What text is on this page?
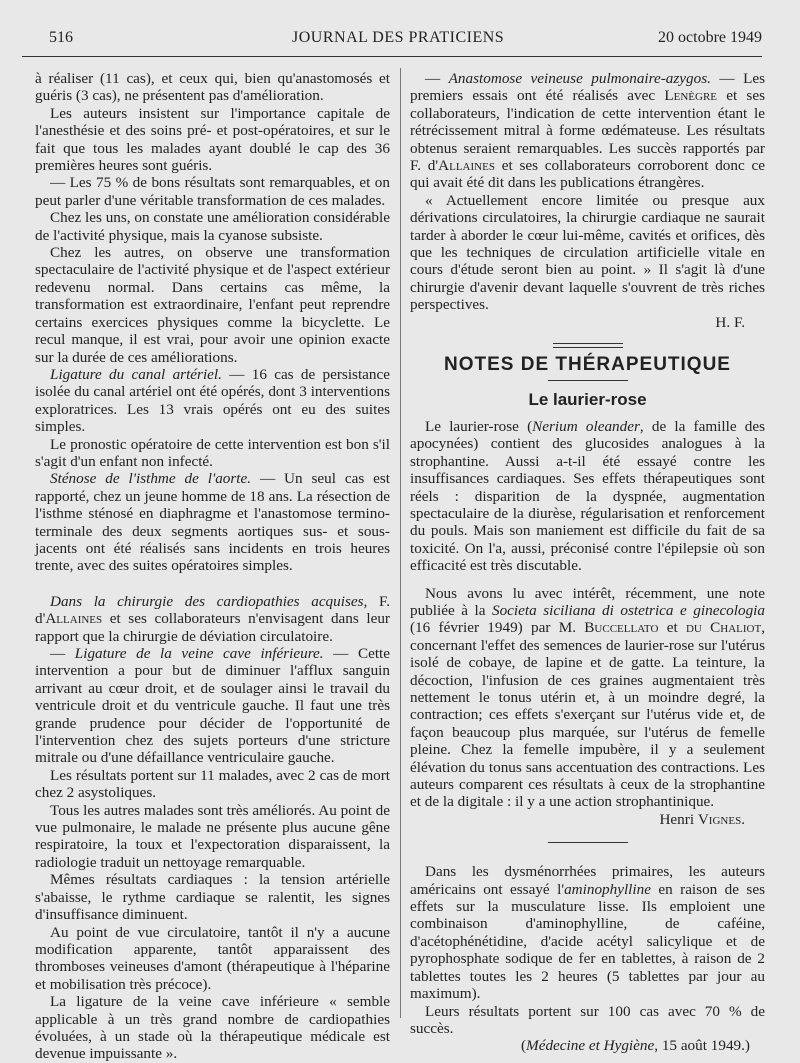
516	JOURNAL DES PRATICIENS	20 octobre 1949

à réaliser (11 cas), et ceux qui, bien qu'anastomosés et guéris (3 cas), ne présentent pas d'amélioration.

Les auteurs insistent sur l'importance capitale de l'anesthésie et des soins pré- et post-opératoires, et sur le fait que tous les malades ayant doublé le cap des 36 premières heures sont guéris.

— Les 75 % de bons résultats sont remarquables, et on peut parler d'une véritable transformation de ces malades.

Chez les uns, on constate une amélioration considérable de l'activité physique, mais la cyanose subsiste.

Chez les autres, on observe une transformation spectaculaire de l'activité physique et de l'aspect extérieur redevenu normal. Dans certains cas même, la transformation est extraordinaire, l'enfant peut reprendre certains exercices physiques comme la bicyclette. Le recul manque, il est vrai, pour avoir une opinion exacte sur la durée de ces améliorations.

Ligature du canal artériel. — 16 cas de persistance isolée du canal artériel ont été opérés, dont 3 interventions exploratrices. Les 13 vrais opérés ont eu des suites simples.

Le pronostic opératoire de cette intervention est bon s'il s'agit d'un enfant non infecté.

Sténose de l'isthme de l'aorte. — Un seul cas est rapporté, chez un jeune homme de 18 ans. La résection de l'isthme sténosé en diaphragme et l'anastomose termino-terminale des deux segments aortiques sus- et sous-jacents ont été réalisés sans incidents en trois heures trente, avec des suites opératoires simples.

Dans la chirurgie des cardiopathies acquises, F. d'Allaines et ses collaborateurs n'envisagent dans leur rapport que la chirurgie de déviation circulatoire.

— Ligature de la veine cave inférieure. — Cette intervention a pour but de diminuer l'afflux sanguin arrivant au cœur droit, et de soulager ainsi le travail du ventricule droit et du ventricule gauche. Il faut une très grande prudence pour décider de l'opportunité de l'intervention chez des sujets porteurs d'une stricture mitrale ou d'une défaillance ventriculaire gauche.

Les résultats portent sur 11 malades, avec 2 cas de mort chez 2 asystoliques.

Tous les autres malades sont très améliorés. Au point de vue pulmonaire, le malade ne présente plus aucune gêne respiratoire, la toux et l'expectoration disparaissent, la radiologie traduit un nettoyage remarquable.

Mêmes résultats cardiaques : la tension artérielle s'abaisse, le rythme cardiaque se ralentit, les signes d'insuffisance diminuent.

Au point de vue circulatoire, tantôt il n'y a aucune modification apparente, tantôt apparaissent des thromboses veineuses d'amont (thérapeutique à l'héparine et mobilisation très précoce).

La ligature de la veine cave inférieure « semble applicable à un très grand nombre de cardiopathies évoluées, à un stade où la thérapeutique médicale est devenue impuissante ».

— Anastomose veineuse pulmonaire-azygos. — Les premiers essais ont été réalisés avec Lenègre et ses collaborateurs, l'indication de cette intervention étant le rétrécissement mitral à forme œdémateuse. Les résultats obtenus seraient remarquables. Les succès rapportés par F. d'Allaines et ses collaborateurs corroborent donc ce qui avait été dit dans les publications étrangères.

« Actuellement encore limitée ou presque aux dérivations circulatoires, la chirurgie cardiaque ne saurait tarder à aborder le cœur lui-même, cavités et orifices, dès que les techniques de circulation artificielle vitale en cours d'étude seront bien au point. » Il s'agit là d'une chirurgie d'avenir devant laquelle s'ouvrent de très riches perspectives.

H. F.

NOTES DE THÉRAPEUTIQUE

Le laurier-rose

Le laurier-rose (Nerium oleander, de la famille des apocynées) contient des glucosides analogues à la strophantine. Aussi a-t-il été essayé contre les insuffisances cardiaques. Ses effets thérapeutiques sont réels : disparition de la dyspnée, augmentation spectaculaire de la diurèse, régularisation et renforcement du pouls. Mais son maniement est difficile du fait de sa toxicité. On l'a, aussi, préconisé contre l'épilepsie où son efficacité est très discutable.

Nous avons lu avec intérêt, récemment, une note publiée à la Societa siciliana di ostetrica e ginecologia (16 février 1949) par M. Buccellato et du Chaliot, concernant l'effet des semences de laurier-rose sur l'utérus isolé de cobaye, de lapine et de gatte. La teinture, la décoction, l'infusion de ces graines augmentaient très nettement le tonus utérin et, à un moindre degré, la contraction; ces effets s'exerçant sur l'utérus vide et, de façon beaucoup plus marquée, sur l'utérus de femelle pleine. Chez la femelle impubère, il y a seulement élévation du tonus sans accentuation des contractions. Les auteurs comparent ces résultats à ceux de la strophantine et de la digitale : il y a une action strophantinique.

Henri Vignes.

Dans les dysménorrhées primaires, les auteurs américains ont essayé l'aminophylline en raison de ses effets sur la musculature lisse. Ils emploient une combinaison d'aminophylline, de caféine, d'acétophénétidine, d'acide acétyl salicylique et de pyrophosphate sodique de fer en tablettes, à raison de 2 tablettes toutes les 2 heures (5 tablettes par jour au maximum).

Leurs résultats portent sur 100 cas avec 70 % de succès.

(Médecine et Hygiène, 15 août 1949.)
